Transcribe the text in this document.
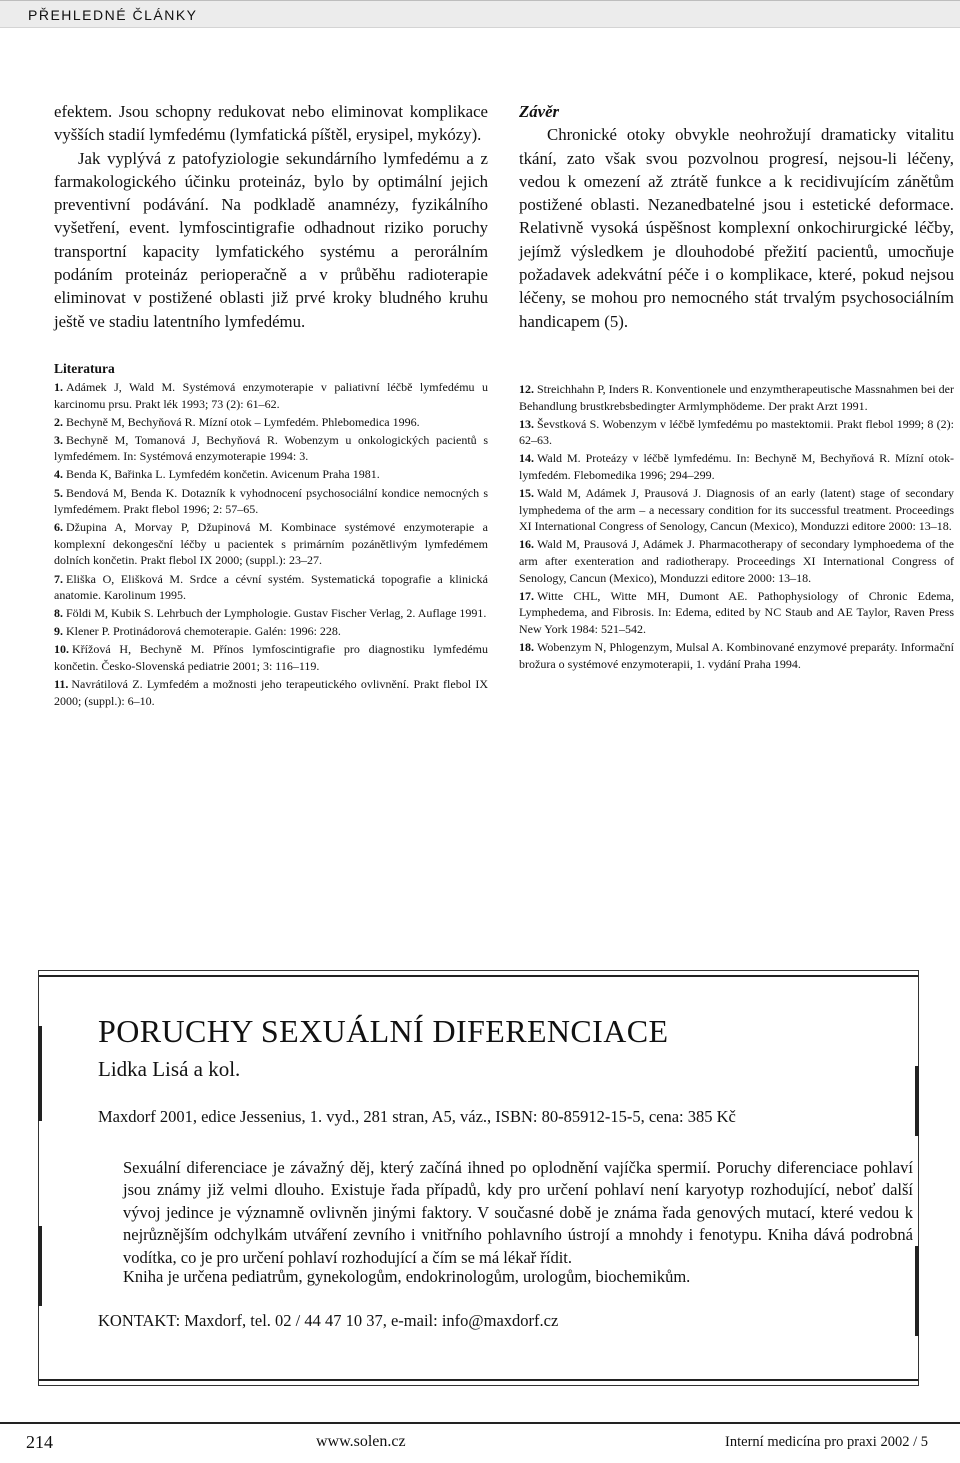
PŘEHLEDNÉ ČLÁNKY

efektem. Jsou schopny redukovat nebo eliminovat komplikace vyšších stadií lymfedému (lymfatická píštěl, erysipel, mykózy).

Jak vyplývá z patofyziologie sekundárního lymfedému a z farmakologického účinku proteináz, bylo by optimální jejich preventivní podávání. Na podkladě anamnézy, fyzikálního vyšetření, event. lymfoscintigrafie odhadnout riziko poruchy transportní kapacity lymfatického systému a perorálním podáním proteináz perioperačně a v průběhu radioterapie eliminovat v postižené oblasti již prvé kroky bludného kruhu ještě ve stadiu latentního lymfedému.

Závěr

Chronické otoky obvykle neohrožují dramaticky vitalitu tkání, zato však svou pozvolnou progresí, nejsou-li léčeny, vedou k omezení až ztrátě funkce a k recidivujícím zánětům postižené oblasti. Nezanedbatelné jsou i estetické deformace. Relativně vysoká úspěšnost komplexní onkochirurgické léčby, jejímž výsledkem je dlouhodobé přežití pacientů, umocňuje požadavek adekvátní péče i o komplikace, které, pokud nejsou léčeny, se mohou pro nemocného stát trvalým psychosociálním handicapem (5).

Literatura
1. Adámek J, Wald M. Systémová enzymoterapie v paliativní léčbě lymfedému u karcinomu prsu. Prakt lék 1993; 73 (2): 61–62.
2. Bechyně M, Bechyňová R. Mízní otok – Lymfedém. Phlebomedica 1996.
3. Bechyně M, Tomanová J, Bechyňová R. Wobenzym u onkologických pacientů s lymfedémem. In: Systémová enzymoterapie 1994: 3.
4. Benda K, Bařinka L. Lymfedém končetin. Avicenum Praha 1981.
5. Bendová M, Benda K. Dotazník k vyhodnocení psychosociální kondice nemocných s lymfedémem. Prakt flebol 1996; 2: 57–65.
6. Džupina A, Morvay P, Džupinová M. Kombinace systémové enzymoterapie a komplexní dekongesční léčby u pacientek s primárním pozánětlivým lymfedémem dolních končetin. Prakt flebol IX 2000; (suppl.): 23–27.
7. Eliška O, Elišková M. Srdce a cévní systém. Systematická topografie a klinická anatomie. Karolinum 1995.
8. Földi M, Kubik S. Lehrbuch der Lymphologie. Gustav Fischer Verlag, 2. Auflage 1991.
9. Klener P. Protinádorová chemoterapie. Galén: 1996: 228.
10. Křížová H, Bechyně M. Přínos lymfoscintigrafie pro diagnostiku lymfedému končetin. Česko-Slovenská pediatrie 2001; 3: 116–119.
11. Navrátilová Z. Lymfedém a možnosti jeho terapeutického ovlivnění. Prakt flebol IX 2000; (suppl.): 6–10.
12. Streichhahn P, Inders R. Konventionele und enzymtherapeutische Massnahmen bei der Behandlung brustkrebsbedingter Armlymphödeme. Der prakt Arzt 1991.
13. Ševstková S. Wobenzym v léčbě lymfedému po mastektomii. Prakt flebol 1999; 8 (2): 62–63.
14. Wald M. Proteázy v léčbě lymfedému. In: Bechyně M, Bechyňová R. Mízní otok-lymfedém. Flebomedika 1996; 294–299.
15. Wald M, Adámek J, Prausová J. Diagnosis of an early (latent) stage of secondary lymphedema of the arm – a necessary condition for its successful treatment. Proceedings XI International Congress of Senology, Cancun (Mexico), Monduzzi editore 2000: 13–18.
16. Wald M, Prausová J, Adámek J. Pharmacotherapy of secondary lymphoedema of the arm after exenteration and radiotherapy. Proceedings XI International Congress of Senology, Cancun (Mexico), Monduzzi editore 2000: 13–18.
17. Witte CHL, Witte MH, Dumont AE. Pathophysiology of Chronic Edema, Lymphedema, and Fibrosis. In: Edema, edited by NC Staub and AE Taylor, Raven Press New York 1984: 521–542.
18. Wobenzym N, Phlogenzym, Mulsal A. Kombinované enzymové preparáty. Informační brožura o systémové enzymoterapii, 1. vydání Praha 1994.
PORUCHY SEXUÁLNÍ DIFERENCIACE

Lidka Lisá a kol.

Maxdorf 2001, edice Jessenius, 1. vyd., 281 stran, A5, váz., ISBN: 80-85912-15-5, cena: 385 Kč

Sexuální diferenciace je závažný děj, který začíná ihned po oplodnění vajíčka spermií. Poruchy diferenciace pohlaví jsou známy již velmi dlouho. Existuje řada případů, kdy pro určení pohlaví není karyotyp rozhodující, neboť další vývoj jedince je významně ovlivněn jinými faktory. V současné době je známa řada genových mutací, které vedou k nejrůznějším odchylkám utváření zevního i vnitřního pohlavního ústrojí a mnohdy i fenotypu. Kniha dává podrobná vodítka, co je pro určení pohlaví rozhodující a čím se má lékař řídit.

Kniha je určena pediatrům, gynekologům, endokrinologům, urologům, biochemikům.

KONTAKT: Maxdorf, tel. 02 / 44 47 10 37, e-mail: info@maxdorf.cz

214	www.solen.cz	Interní medicína pro praxi 2002 / 5
